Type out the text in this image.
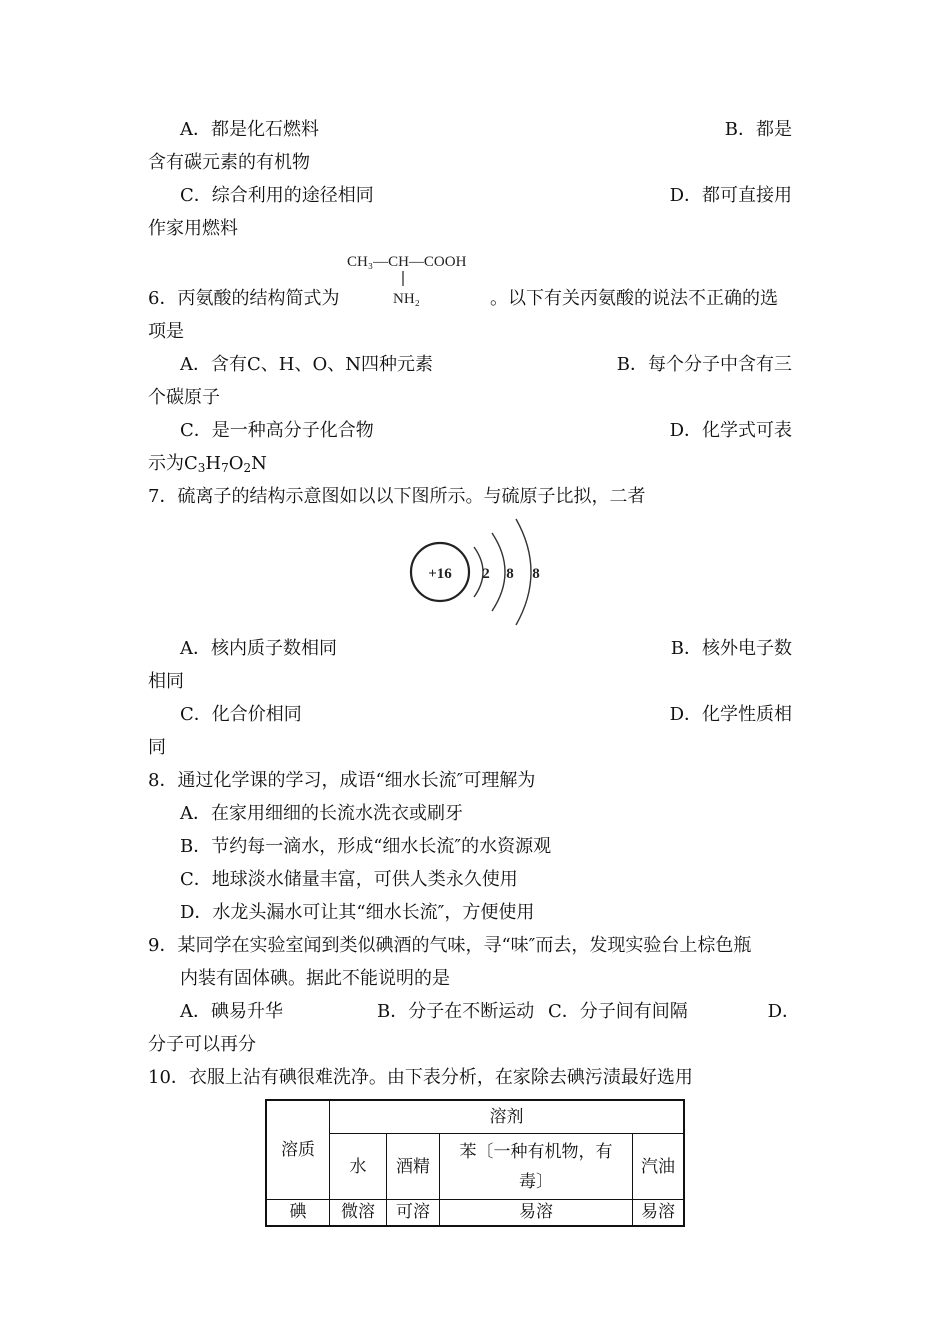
A．都是化石燃料	B．都是
含有碳元素的有机物
C．综合利用的途径相同	D．都可直接用
作家用燃料
CH₃—CH—COOH
NH₂
6．丙氨酸的结构简式为	。以下有关丙氨酸的说法不正确的选
项是
A．含有C、H、O、N四种元素	B．每个分子中含有三
个碳原子
C．是一种高分子化合物	D．化学式可表
示为$C_3H_7O_2N$
7．硫离子的结构示意图如以以下图所示。与硫原子比拟，二者
+16 2 8 8
A．核内质子数相同	B．核外电子数
相同
C．化合价相同	D．化学性质相
同
8．通过化学课的学习，成语“细水长流″可理解为
A．在家用细细的长流水洗衣或刷牙
B．节约每一滴水，形成“细水长流″的水资源观
C．地球淡水储量丰富，可供人类永久使用
D．水龙头漏水可让其“细水长流″，方便使用
9．某同学在实验室闻到类似碘酒的气味，寻“味″而去，发现实验台上棕色瓶
内装有固体碘。据此不能说明的是
A．碘易升华	B．分子在不断运动 C．分子间有间隔	D．
分子可以再分
10．衣服上沾有碘很难洗净。由下表分析，在家除去碘污渍最好选用
溶质	溶剂			
	水	酒精	苯〔一种有机物，有毒〕	汽油
碘	微溶	可溶	易溶	易溶
